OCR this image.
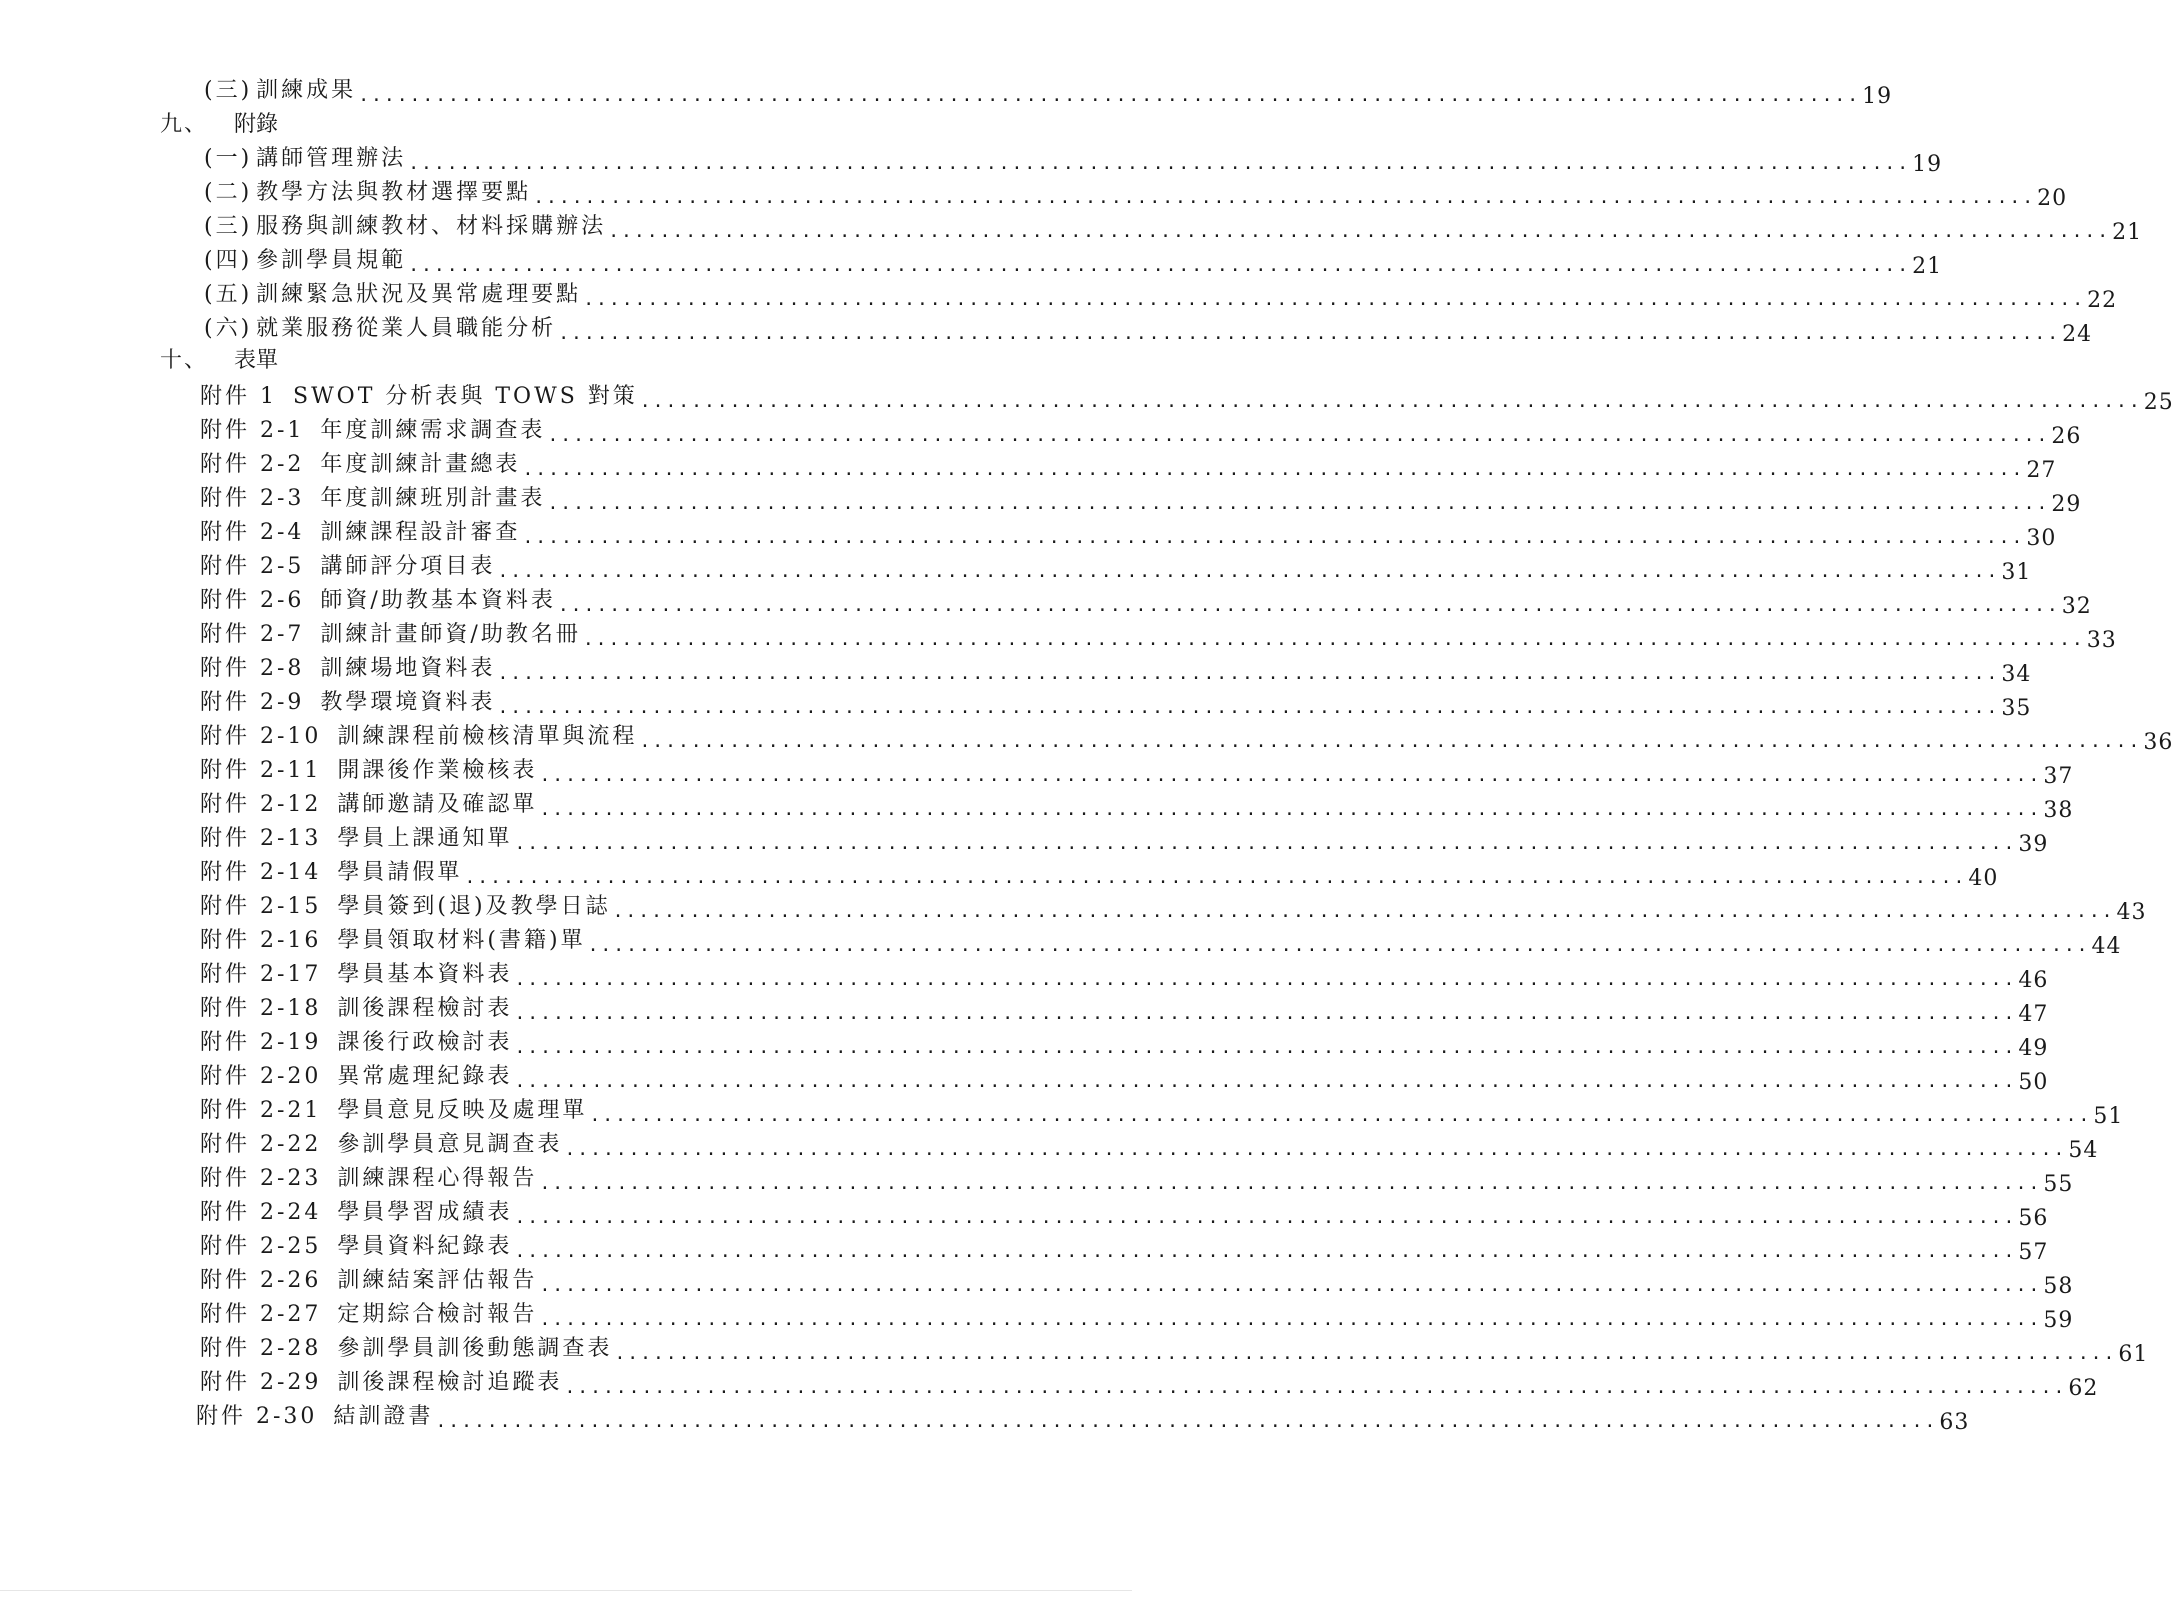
(三) 訓練成果 ..................................................................................................................... 19
九、 附錄
(一) 講師管理辦法 ..................................................................................................................... 19
(二) 教學方法與教材選擇要點 ..................................................................................................................... 20
(三) 服務與訓練教材、材料採購辦法 ..................................................................................................................... 21
(四) 參訓學員規範 ..................................................................................................................... 21
(五) 訓練緊急狀況及異常處理要點 ..................................................................................................................... 22
(六) 就業服務從業人員職能分析 ..................................................................................................................... 24
十、 表單
附件 1 SWOT 分析表與 TOWS 對策 ..................................................................................................................... 25
附件 2-1 年度訓練需求調查表 ..................................................................................................................... 26
附件 2-2 年度訓練計畫總表 ..................................................................................................................... 27
附件 2-3 年度訓練班別計畫表 ..................................................................................................................... 29
附件 2-4 訓練課程設計審查 ..................................................................................................................... 30
附件 2-5 講師評分項目表 ..................................................................................................................... 31
附件 2-6 師資/助教基本資料表 ..................................................................................................................... 32
附件 2-7 訓練計畫師資/助教名冊 ..................................................................................................................... 33
附件 2-8 訓練場地資料表 ..................................................................................................................... 34
附件 2-9 教學環境資料表 ..................................................................................................................... 35
附件 2-10 訓練課程前檢核清單與流程 ..................................................................................................................... 36
附件 2-11 開課後作業檢核表 ..................................................................................................................... 37
附件 2-12 講師邀請及確認單 ..................................................................................................................... 38
附件 2-13 學員上課通知單 ..................................................................................................................... 39
附件 2-14 學員請假單 ..................................................................................................................... 40
附件 2-15 學員簽到(退)及教學日誌 ..................................................................................................................... 43
附件 2-16 學員領取材料(書籍)單 ..................................................................................................................... 44
附件 2-17 學員基本資料表 ..................................................................................................................... 46
附件 2-18 訓後課程檢討表 ..................................................................................................................... 47
附件 2-19 課後行政檢討表 ..................................................................................................................... 49
附件 2-20 異常處理紀錄表 ..................................................................................................................... 50
附件 2-21 學員意見反映及處理單 ..................................................................................................................... 51
附件 2-22 參訓學員意見調查表 ..................................................................................................................... 54
附件 2-23 訓練課程心得報告 ..................................................................................................................... 55
附件 2-24 學員學習成績表 ..................................................................................................................... 56
附件 2-25 學員資料紀錄表 ..................................................................................................................... 57
附件 2-26 訓練結案評估報告 ..................................................................................................................... 58
附件 2-27 定期綜合檢討報告 ..................................................................................................................... 59
附件 2-28 參訓學員訓後動態調查表 ..................................................................................................................... 61
附件 2-29 訓後課程檢討追蹤表 ..................................................................................................................... 62
附件 2-30 結訓證書 ..................................................................................................................... 63
